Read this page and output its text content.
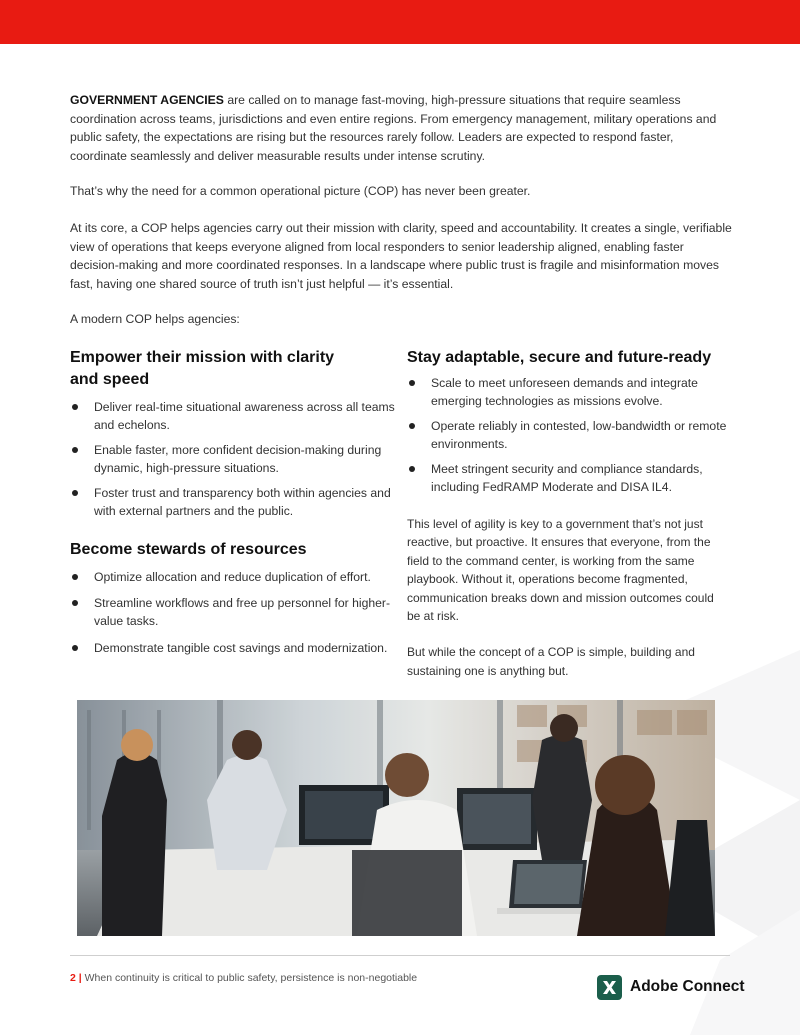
GOVERNMENT AGENCIES are called on to manage fast-moving, high-pressure situations that require seamless coordination across teams, jurisdictions and even entire regions. From emergency management, military operations and public safety, the expectations are rising but the resources rarely follow. Leaders are expected to respond faster, coordinate seamlessly and deliver measurable results under intense scrutiny.

That’s why the need for a common operational picture (COP) has never been greater.

At its core, a COP helps agencies carry out their mission with clarity, speed and accountability. It creates a single, verifiable view of operations that keeps everyone aligned from local responders to senior leadership aligned, enabling faster decision-making and more coordinated responses. In a landscape where public trust is fragile and misinformation moves fast, having one shared source of truth isn’t just helpful — it’s essential.

A modern COP helps agencies:

Empower their mission with clarity and speed
Deliver real-time situational awareness across all teams and echelons.
Enable faster, more confident decision-making during dynamic, high-pressure situations.
Foster trust and transparency both within agencies and with external partners and the public.
Become stewards of resources
Optimize allocation and reduce duplication of effort.
Streamline workflows and free up personnel for higher-value tasks.
Demonstrate tangible cost savings and modernization.
Stay adaptable, secure and future-ready
Scale to meet unforeseen demands and integrate emerging technologies as missions evolve.
Operate reliably in contested, low-bandwidth or remote environments.
Meet stringent security and compliance standards, including FedRAMP Moderate and DISA IL4.

This level of agility is key to a government that’s not just reactive, but proactive. It ensures that everyone, from the field to the command center, is working from the same playbook. Without it, operations become fragmented, communication breaks down and mission outcomes could be at risk.

But while the concept of a COP is simple, building and sustaining one is anything but.

2 | When continuity is critical to public safety, persistence is non-negotiable	Adobe Connect
